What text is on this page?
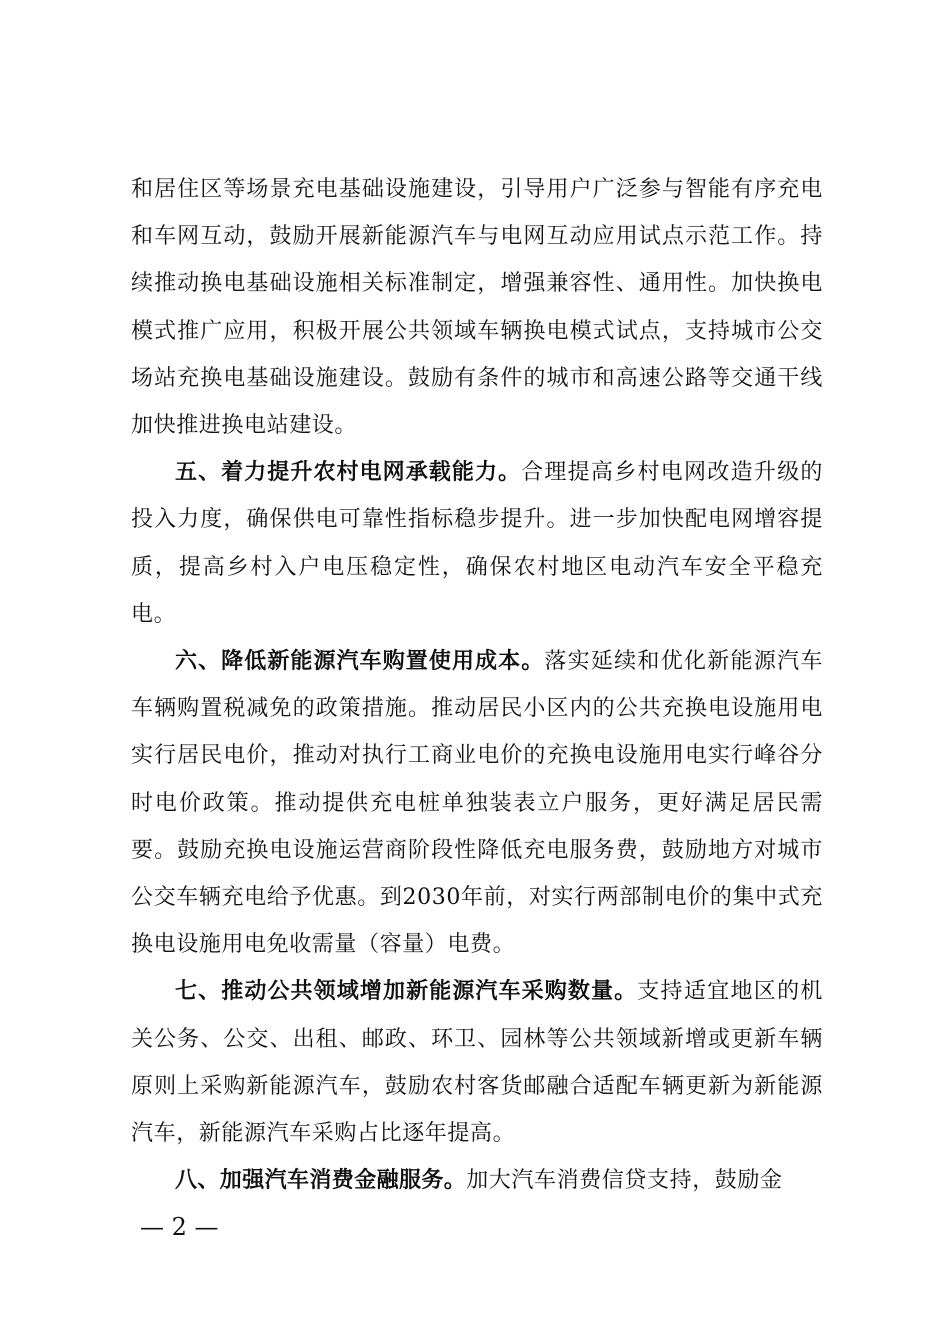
和居住区等场景充电基础设施建设，引导用户广泛参与智能有序充电和车网互动，鼓励开展新能源汽车与电网互动应用试点示范工作。持续推动换电基础设施相关标准制定，增强兼容性、通用性。加快换电模式推广应用，积极开展公共领域车辆换电模式试点，支持城市公交场站充换电基础设施建设。鼓励有条件的城市和高速公路等交通干线加快推进换电站建设。

五、着力提升农村电网承载能力。合理提高乡村电网改造升级的投入力度，确保供电可靠性指标稳步提升。进一步加快配电网增容提质，提高乡村入户电压稳定性，确保农村地区电动汽车安全平稳充电。

六、降低新能源汽车购置使用成本。落实延续和优化新能源汽车车辆购置税减免的政策措施。推动居民小区内的公共充换电设施用电实行居民电价，推动对执行工商业电价的充换电设施用电实行峰谷分时电价政策。推动提供充电桩单独装表立户服务，更好满足居民需要。鼓励充换电设施运营商阶段性降低充电服务费，鼓励地方对城市公交车辆充电给予优惠。到2030年前，对实行两部制电价的集中式充换电设施用电免收需量（容量）电费。

七、推动公共领域增加新能源汽车采购数量。支持适宜地区的机关公务、公交、出租、邮政、环卫、园林等公共领域新增或更新车辆原则上采购新能源汽车，鼓励农村客货邮融合适配车辆更新为新能源汽车，新能源汽车采购占比逐年提高。

八、加强汽车消费金融服务。加大汽车消费信贷支持，鼓励金

— 2 —
